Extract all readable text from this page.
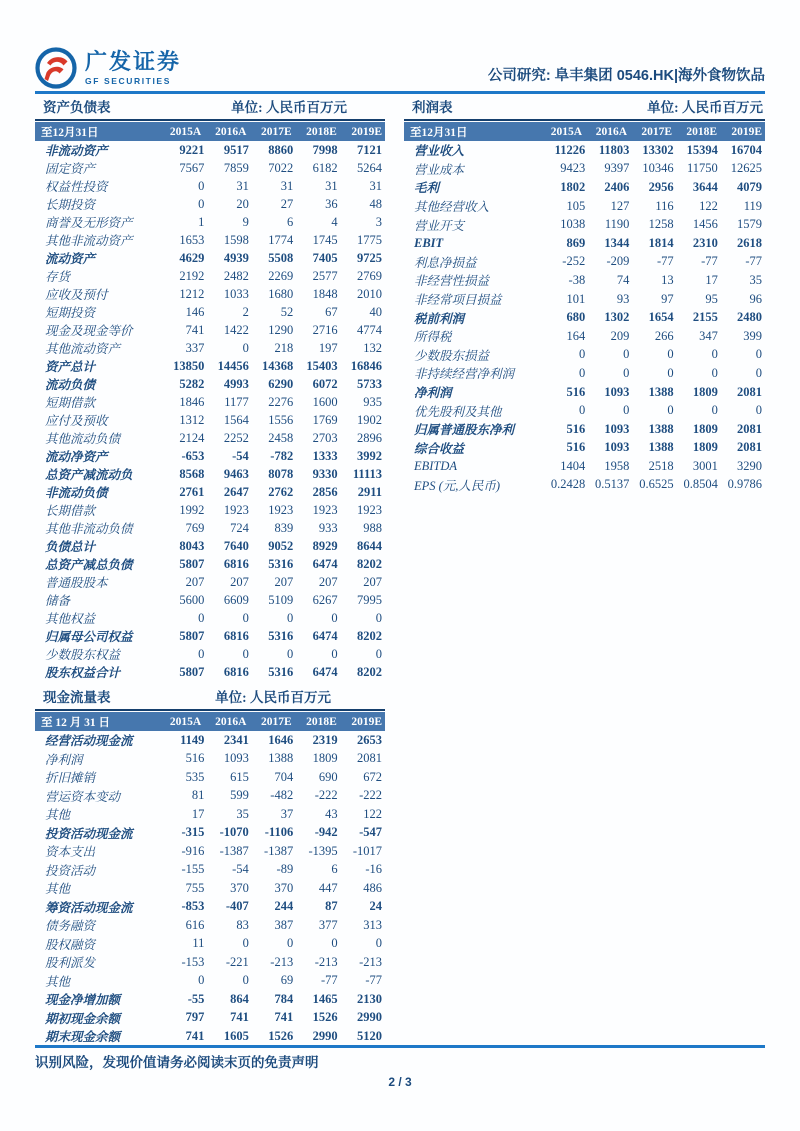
广发证券
GF SECURITIES	公司研究: 阜丰集团 0546.HK|海外食物饮品
资产负债表	单位: 人民币百万元
至12月31日	2015A	2016A	2017E	2018E	2019E
非流动资产	9221	9517	8860	7998	7121
固定资产	7567	7859	7022	6182	5264
权益性投资	0	31	31	31	31
长期投资	0	20	27	36	48
商誉及无形资产	1	9	6	4	3
其他非流动资产	1653	1598	1774	1745	1775
流动资产	4629	4939	5508	7405	9725
存货	2192	2482	2269	2577	2769
应收及预付	1212	1033	1680	1848	2010
短期投资	146	2	52	67	40
现金及现金等价	741	1422	1290	2716	4774
其他流动资产	337	0	218	197	132
资产总计	13850	14456	14368	15403	16846
流动负债	5282	4993	6290	6072	5733
短期借款	1846	1177	2276	1600	935
应付及预收	1312	1564	1556	1769	1902
其他流动负债	2124	2252	2458	2703	2896
流动净资产	-653	-54	-782	1333	3992
总资产减流动负	8568	9463	8078	9330	11113
非流动负债	2761	2647	2762	2856	2911
长期借款	1992	1923	1923	1923	1923
其他非流动负债	769	724	839	933	988
负债总计	8043	7640	9052	8929	8644
总资产减总负债	5807	6816	5316	6474	8202
普通股股本	207	207	207	207	207
储备	5600	6609	5109	6267	7995
其他权益	0	0	0	0	0
归属母公司权益	5807	6816	5316	6474	8202
少数股东权益	0	0	0	0	0
股东权益合计	5807	6816	5316	6474	8202
利润表	单位: 人民币百万元
至12月31日	2015A	2016A	2017E	2018E	2019E
营业收入	11226	11803	13302	15394	16704
营业成本	9423	9397	10346	11750	12625
毛利	1802	2406	2956	3644	4079
其他经营收入	105	127	116	122	119
营业开支	1038	1190	1258	1456	1579
EBIT	869	1344	1814	2310	2618
利息净损益	-252	-209	-77	-77	-77
非经营性损益	-38	74	13	17	35
非经常项目损益	101	93	97	95	96
税前利润	680	1302	1654	2155	2480
所得税	164	209	266	347	399
少数股东损益	0	0	0	0	0
非持续经营净利润	0	0	0	0	0
净利润	516	1093	1388	1809	2081
优先股利及其他	0	0	0	0	0
归属普通股东净利	516	1093	1388	1809	2081
综合收益	516	1093	1388	1809	2081
EBITDA	1404	1958	2518	3001	3290
EPS (元,人民币)	0.2428 0.5137 0.6525 0.8504 0.9786
现金流量表	单位: 人民币百万元
至 12 月 31 日	2015A	2016A	2017E	2018E	2019E
经营活动现金流	1149	2341	1646	2319	2653
净利润	516	1093	1388	1809	2081
折旧摊销	535	615	704	690	672
营运资本变动	81	599	-482	-222	-222
其他	17	35	37	43	122
投资活动现金流	-315	-1070	-1106	-942	-547
资本支出	-916	-1387	-1387	-1395	-1017
投资活动	-155	-54	-89	6	-16
其他	755	370	370	447	486
筹资活动现金流	-853	-407	244	87	24
债务融资	616	83	387	377	313
股权融资	11	0	0	0	0
股利派发	-153	-221	-213	-213	-213
其他	0	0	69	-77	-77
现金净增加额	-55	864	784	1465	2130
期初现金余额	797	741	741	1526	2990
期末现金余额	741	1605	1526	2990	5120
识别风险，发现价值请务必阅读末页的免责声明
2 / 3
